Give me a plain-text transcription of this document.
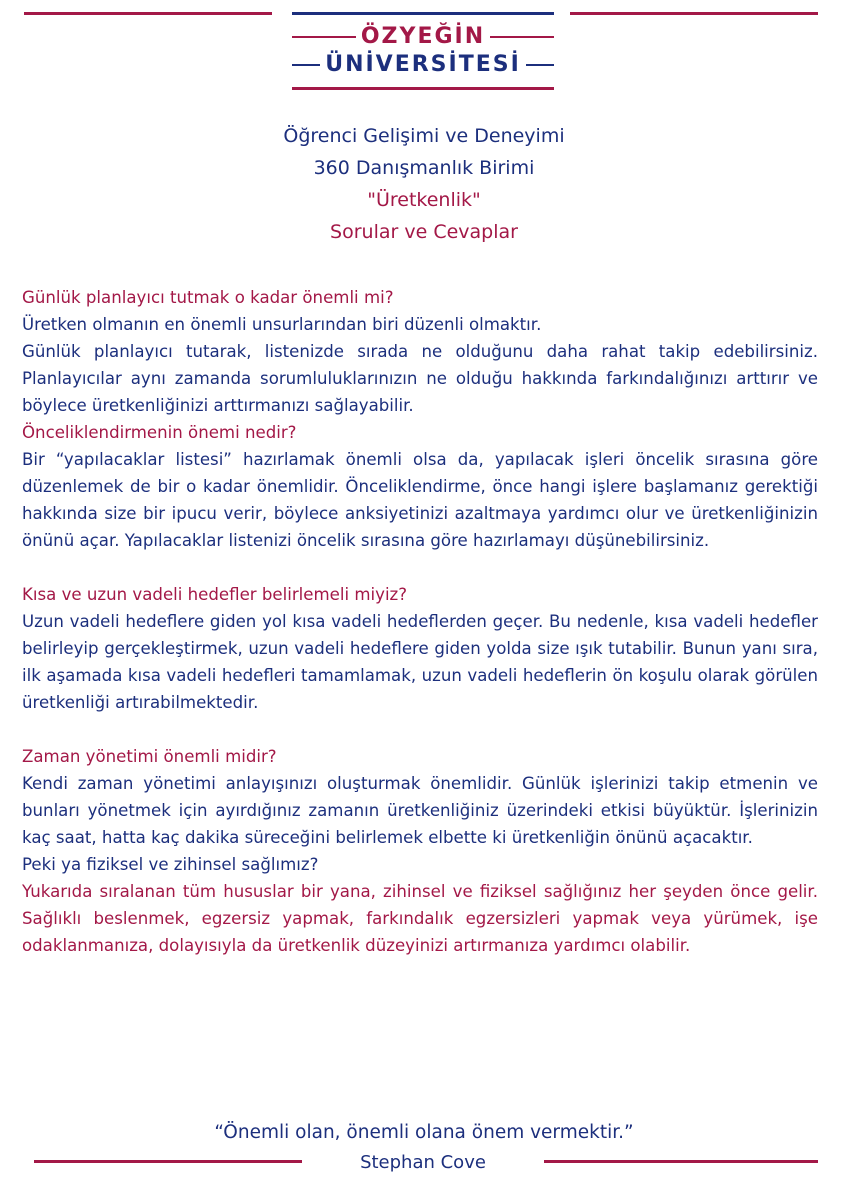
ÖZYEĞİN
ÜNİVERSİTESİ
Öğrenci Gelişimi ve Deneyimi
360 Danışmanlık Birimi
"Üretkenlik"
Sorular ve Cevaplar

Günlük planlayıcı tutmak o kadar önemli mi?

Üretken olmanın en önemli unsurlarından biri düzenli olmaktır.

Günlük planlayıcı tutarak, listenizde sırada ne olduğunu daha rahat takip edebilirsiniz. Planlayıcılar aynı zamanda sorumluluklarınızın ne olduğu hakkında farkındalığınızı arttırır ve böylece üretkenliğinizi arttırmanızı sağlayabilir.

Önceliklendirmenin önemi nedir?

Bir “yapılacaklar listesi” hazırlamak önemli olsa da, yapılacak işleri öncelik sırasına göre düzenlemek de bir o kadar önemlidir. Önceliklendirme, önce hangi işlere başlamanız gerektiği hakkında size bir ipucu verir, böylece anksiyetinizi azaltmaya yardımcı olur ve üretkenliğinizin önünü açar. Yapılacaklar listenizi öncelik sırasına göre hazırlamayı düşünebilirsiniz.

Kısa ve uzun vadeli hedefler belirlemeli miyiz?

Uzun vadeli hedeflere giden yol kısa vadeli hedeflerden geçer. Bu nedenle, kısa vadeli hedefler belirleyip gerçekleştirmek, uzun vadeli hedeflere giden yolda size ışık tutabilir. Bunun yanı sıra, ilk aşamada kısa vadeli hedefleri tamamlamak, uzun vadeli hedeflerin ön koşulu olarak görülen üretkenliği artırabilmektedir.

Zaman yönetimi önemli midir?

Kendi zaman yönetimi anlayışınızı oluşturmak önemlidir. Günlük işlerinizi takip etmenin ve bunları yönetmek için ayırdığınız zamanın üretkenliğiniz üzerindeki etkisi büyüktür. İşlerinizin kaç saat, hatta kaç dakika süreceğini belirlemek elbette ki üretkenliğin önünü açacaktır.

Peki ya fiziksel ve zihinsel sağlımız?

Yukarıda sıralanan tüm hususlar bir yana, zihinsel ve fiziksel sağlığınız her şeyden önce gelir. Sağlıklı beslenmek, egzersiz yapmak, farkındalık egzersizleri yapmak veya yürümek, işe odaklanmanıza, dolayısıyla da üretkenlik düzeyinizi artırmanıza yardımcı olabilir.

“Önemli olan, önemli olana önem vermektir.”
Stephan Cove
